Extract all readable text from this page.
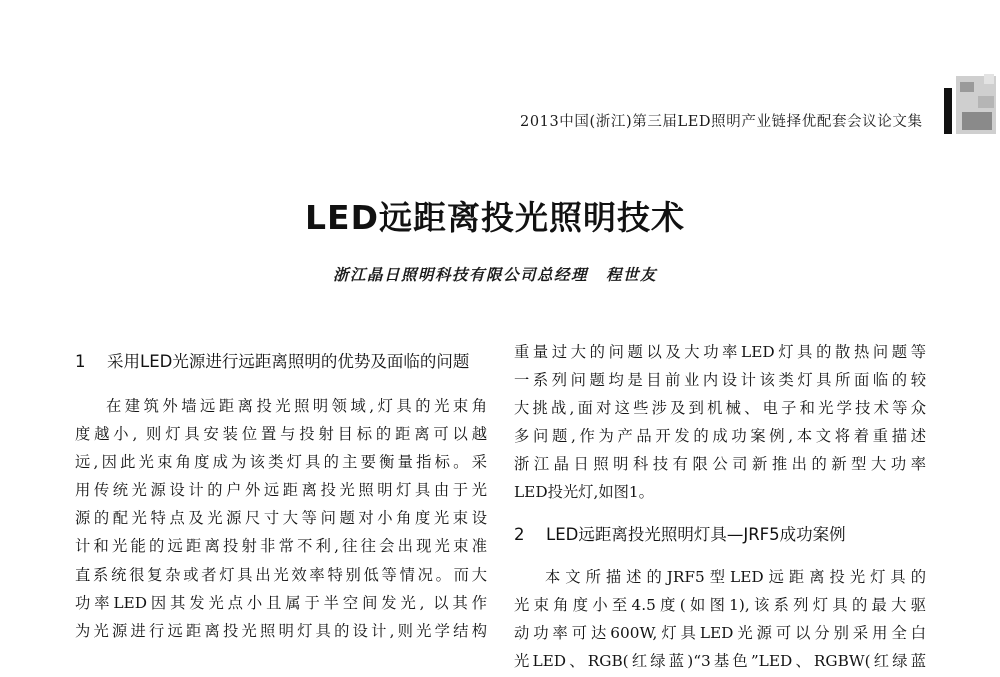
2013中国(浙江)第三届LED照明产业链择优配套会议论文集
LED远距离投光照明技术
浙江晶日照明科技有限公司总经理 程世友
1 采用LED光源进行远距离照明的优势及面临的问题
在建筑外墙远距离投光照明领域,灯具的光束角
度越小, 则灯具安装位置与投射目标的距离可以越
远,因此光束角度成为该类灯具的主要衡量指标。采
用传统光源设计的户外远距离投光照明灯具由于光
源的配光特点及光源尺寸大等问题对小角度光束设
计和光能的远距离投射非常不利,往往会出现光束准
直系统很复杂或者灯具出光效率特别低等情况。而大
功率LED因其发光点小且属于半空间发光, 以其作
为光源进行远距离投光照明灯具的设计,则光学结构
重量过大的问题以及大功率LED灯具的散热问题等
一系列问题均是目前业内设计该类灯具所面临的较
大挑战,面对这些涉及到机械、电子和光学技术等众
多问题,作为产品开发的成功案例,本文将着重描述
浙江晶日照明科技有限公司新推出的新型大功率
LED投光灯,如图1。
2 LED远距离投光照明灯具—JRF5成功案例
本文所描述的JRF5型LED远距离投光灯具的
光束角度小至4.5度(如图1),该系列灯具的最大驱
动功率可达600W,灯具LED光源可以分别采用全白
光LED、RGB(红绿蓝)“3基色”LED、RGBW(红绿蓝
